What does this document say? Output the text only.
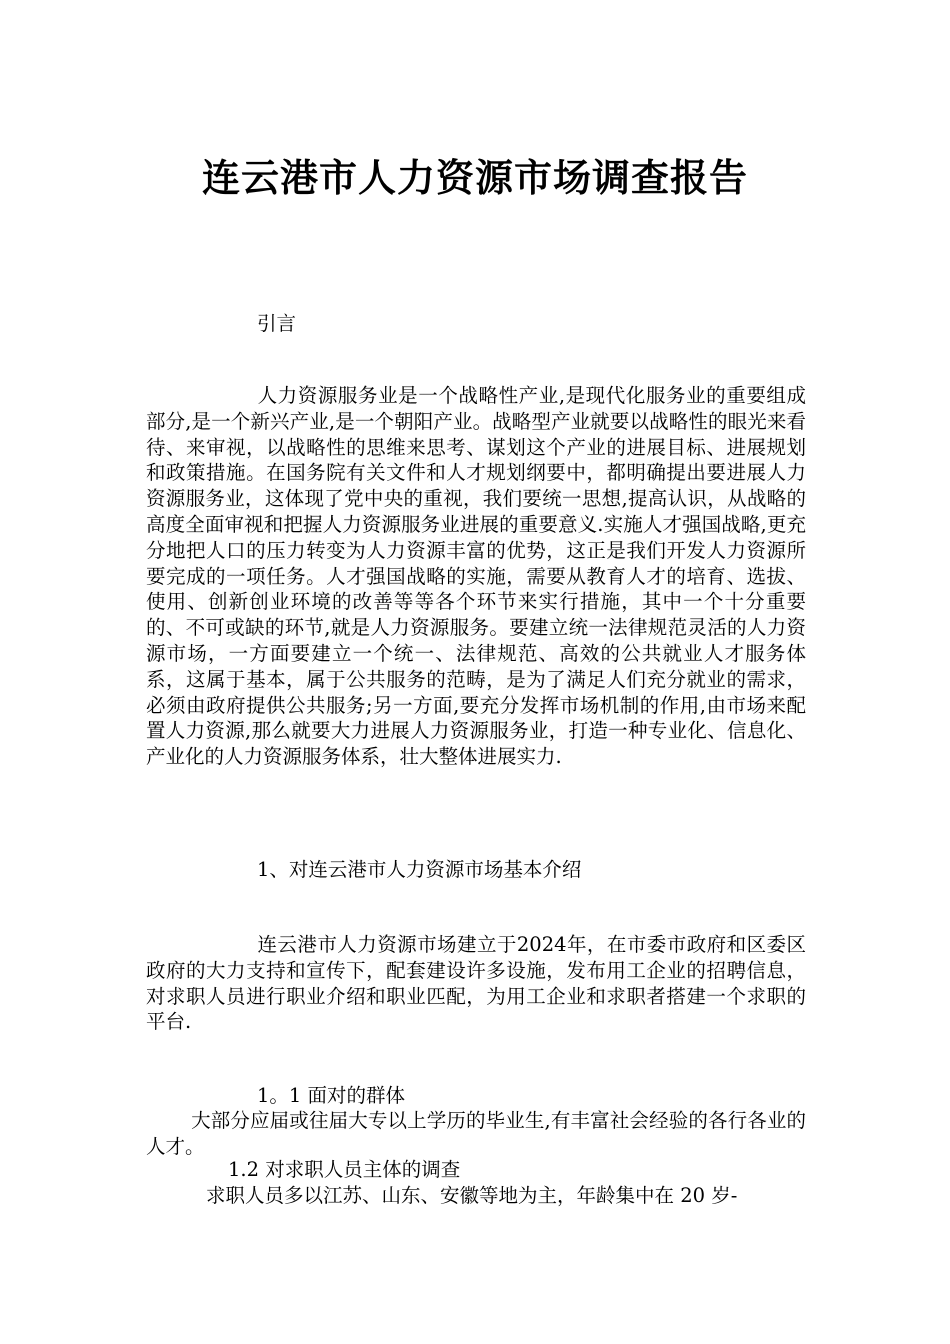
连云港市人力资源市场调查报告
引言
人力资源服务业是一个战略性产业,是现代化服务业的重要组成部分,是一个新兴产业,是一个朝阳产业。战略型产业就要以战略性的眼光来看待、来审视，以战略性的思维来思考、谋划这个产业的进展目标、进展规划和政策措施。在国务院有关文件和人才规划纲要中，都明确提出要进展人力资源服务业，这体现了党中央的重视，我们要统一思想,提高认识，从战略的高度全面审视和把握人力资源服务业进展的重要意义.实施人才强国战略,更充分地把人口的压力转变为人力资源丰富的优势，这正是我们开发人力资源所要完成的一项任务。人才强国战略的实施，需要从教育人才的培育、选拔、使用、创新创业环境的改善等等各个环节来实行措施，其中一个十分重要的、不可或缺的环节,就是人力资源服务。要建立统一法律规范灵活的人力资源市场，一方面要建立一个统一、法律规范、高效的公共就业人才服务体系，这属于基本，属于公共服务的范畴，是为了满足人们充分就业的需求，必须由政府提供公共服务;另一方面,要充分发挥市场机制的作用,由市场来配置人力资源,那么就要大力进展人力资源服务业，打造一种专业化、信息化、产业化的人力资源服务体系，壮大整体进展实力.
1、对连云港市人力资源市场基本介绍
连云港市人力资源市场建立于2024年，在市委市政府和区委区政府的大力支持和宣传下，配套建设许多设施，发布用工企业的招聘信息，对求职人员进行职业介绍和职业匹配，为用工企业和求职者搭建一个求职的平台.
1。1 面对的群体
大部分应届或往届大专以上学历的毕业生,有丰富社会经验的各行各业的人才。
1.2 对求职人员主体的调查
求职人员多以江苏、山东、安徽等地为主，年龄集中在 20 岁-
